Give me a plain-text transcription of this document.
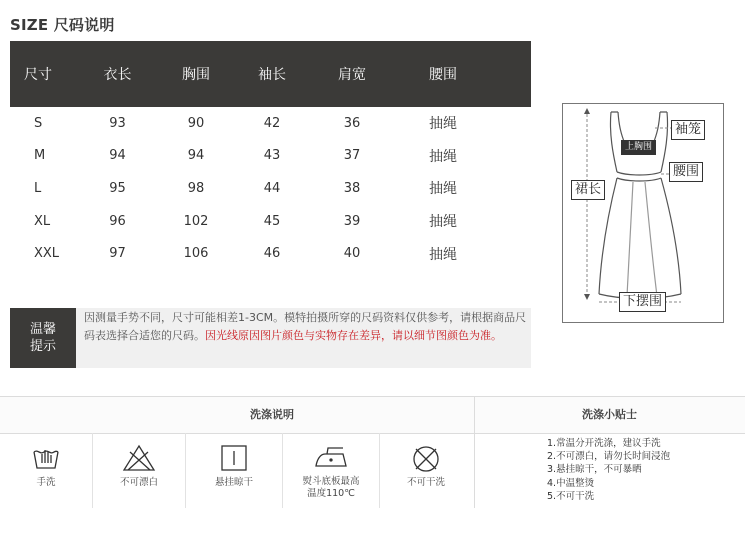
SIZE 尺码说明
尺寸	衣长	胸围	袖长	肩宽	腰围
S	93	90	42	36	抽绳
M	94	94	43	37	抽绳
L	95	98	44	38	抽绳
XL	96	102	45	39	抽绳
XXL	97	106	46	40	抽绳
袖笼
上胸围
腰围
裙长
下摆围
温馨
提示
因测量手势不同，尺寸可能相差1-3CM。模特拍摄所穿的尺码资料仅供参考，请根据商品尺码表选择合适您的尺码。因光线原因图片颜色与实物存在差异，请以细节图颜色为准。
洗涤说明	洗涤小贴士
手洗	不可漂白	悬挂晾干	熨斗底板最高
温度110℃
不可干洗
1.常温分开洗涤，建议手洗
2.不可漂白，请勿长时间浸泡
3.悬挂晾干，不可暴晒
4.中温整烫
5.不可干洗
